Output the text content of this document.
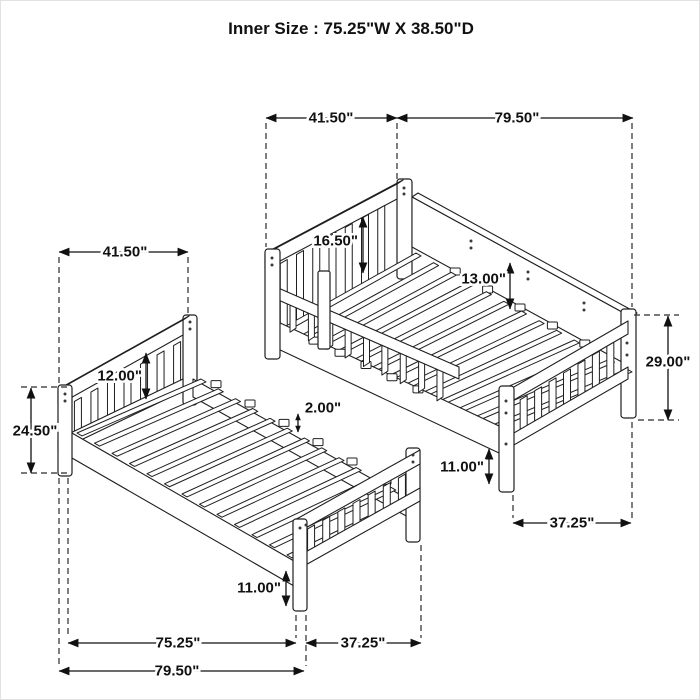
Inner Size : 75.25"W X 38.50"D
41.50"	79.50"
41.50"
16.50"
13.00"
29.00"
11.00"
12.00"
24.50"
2.00"
11.00"
75.25"	37.25"
79.50"
37.25"
